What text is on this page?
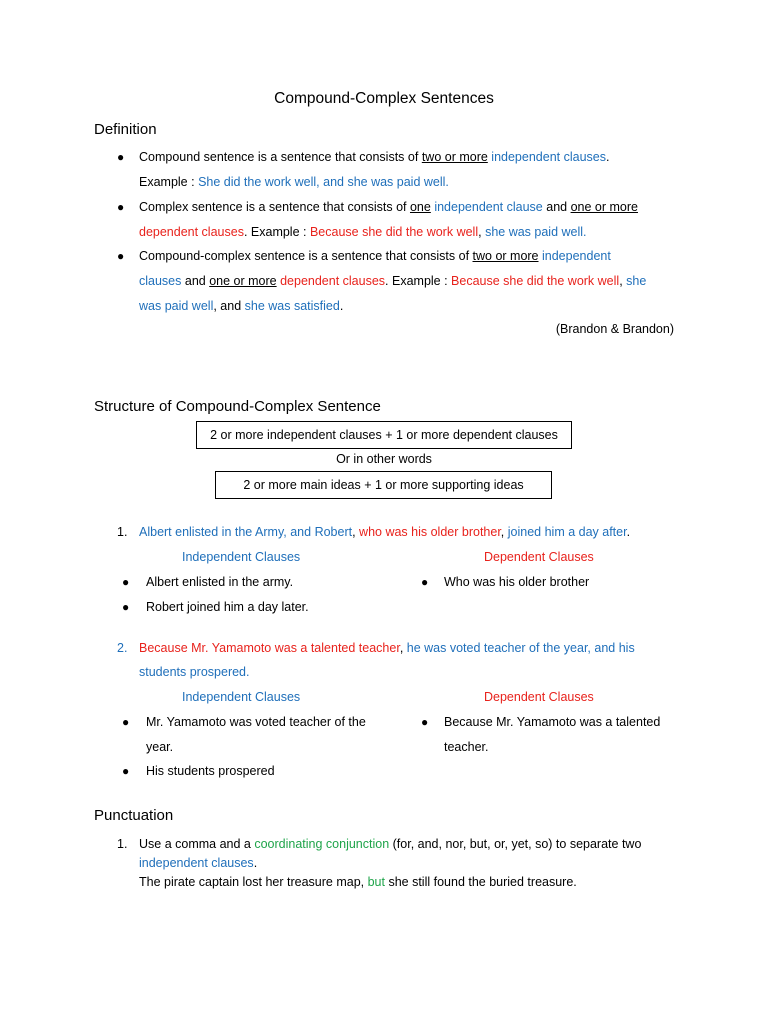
Compound-Complex Sentences
Definition
● Compound sentence is a sentence that consists of two or more independent clauses.
Example : She did the work well, and she was paid well.
● Complex sentence is a sentence that consists of one independent clause and one or more
dependent clauses. Example : Because she did the work well, she was paid well.
● Compound-complex sentence is a sentence that consists of two or more independent
clauses and one or more dependent clauses. Example : Because she did the work well, she
was paid well, and she was satisfied.
(Brandon & Brandon)
Structure of Compound-Complex Sentence
2 or more independent clauses + 1 or more dependent clauses
Or in other words
2 or more main ideas + 1 or more supporting ideas
1. Albert enlisted in the Army, and Robert, who was his older brother, joined him a day after.
Independent Clauses	Dependent Clauses
● Albert enlisted in the army.
● Robert joined him a day later.
● Who was his older brother
2. Because Mr. Yamamoto was a talented teacher, he was voted teacher of the year, and his
students prospered.
Independent Clauses	Dependent Clauses
● Mr. Yamamoto was voted teacher of the
year.
● His students prospered
● Because Mr. Yamamoto was a talented
teacher.
Punctuation
1. Use a comma and a coordinating conjunction (for, and, nor, but, or, yet, so) to separate two
independent clauses.
The pirate captain lost her treasure map, but she still found the buried treasure.
